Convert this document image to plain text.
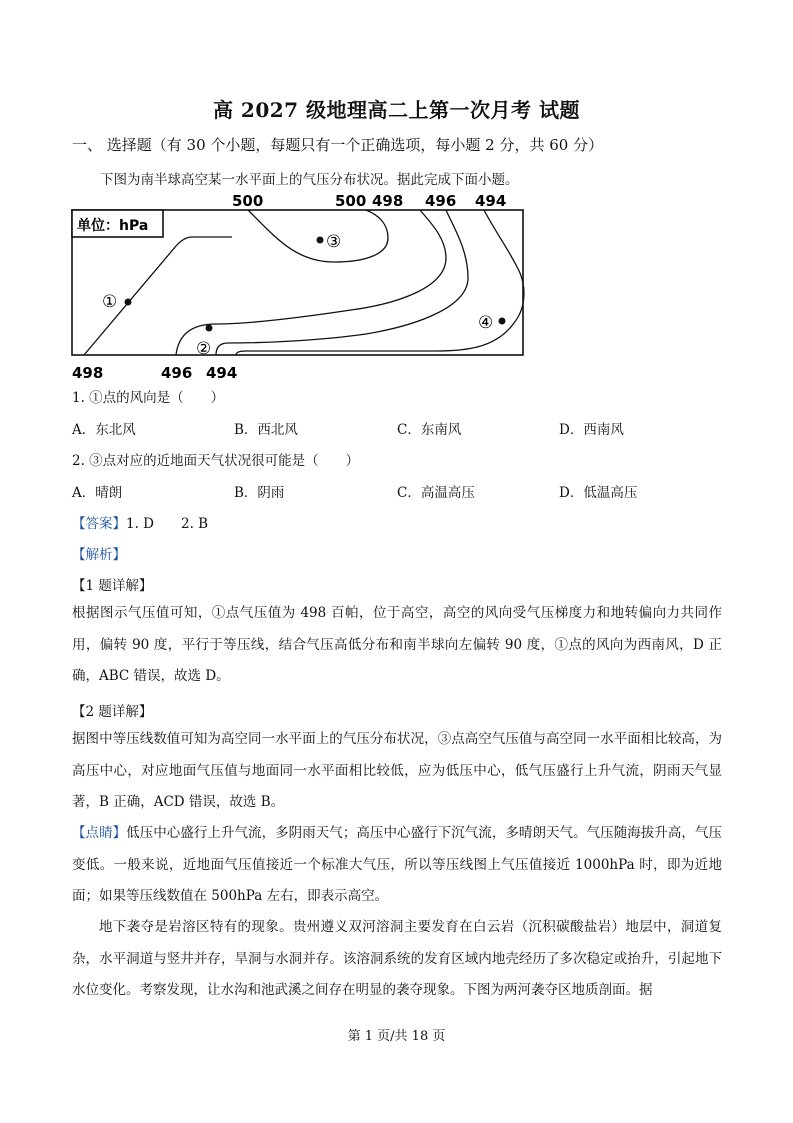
高 2027 级地理高二上第一次月考 试题
一、 选择题（有 30 个小题，每题只有一个正确选项，每小题 2 分，共 60 分）
下图为南半球高空某一水平面上的气压分布状况。据此完成下面小题。
500	500 498 496 494
单位：hPa
①
②
③
④
498	496 494
1. ①点的风向是（　　）
A．东北风	B．西北风	C．东南风	D．西南风
2. ③点对应的近地面天气状况很可能是（　　）
A．晴朗	B．阴雨	C．高温高压	D．低温高压
【答案】1. D　　2. B
【解析】
【1 题详解】
根据图示气压值可知，①点气压值为 498 百帕，位于高空，高空的风向受气压梯度力和地转偏向力共同作用，偏转 90 度，平行于等压线，结合气压高低分布和南半球向左偏转 90 度，①点的风向为西南风，D 正确，ABC 错误，故选 D。
【2 题详解】
据图中等压线数值可知为高空同一水平面上的气压分布状况，③点高空气压值与高空同一水平面相比较高，为高压中心，对应地面气压值与地面同一水平面相比较低，应为低压中心，低气压盛行上升气流，阴雨天气显著，B 正确，ACD 错误，故选 B。
【点睛】低压中心盛行上升气流，多阴雨天气；高压中心盛行下沉气流，多晴朗天气。气压随海拔升高，气压变低。一般来说，近地面气压值接近一个标准大气压，所以等压线图上气压值接近 1000hPa 时，即为近地面；如果等压线数值在 500hPa 左右，即表示高空。
地下袭夺是岩溶区特有的现象。贵州遵义双河溶洞主要发育在白云岩（沉积碳酸盐岩）地层中，洞道复杂，水平洞道与竖井并存，旱洞与水洞并存。该溶洞系统的发育区域内地壳经历了多次稳定或抬升，引起地下水位变化。考察发现，让水沟和池武溪之间存在明显的袭夺现象。下图为两河袭夺区地质剖面。据
第 1 页/共 18 页
